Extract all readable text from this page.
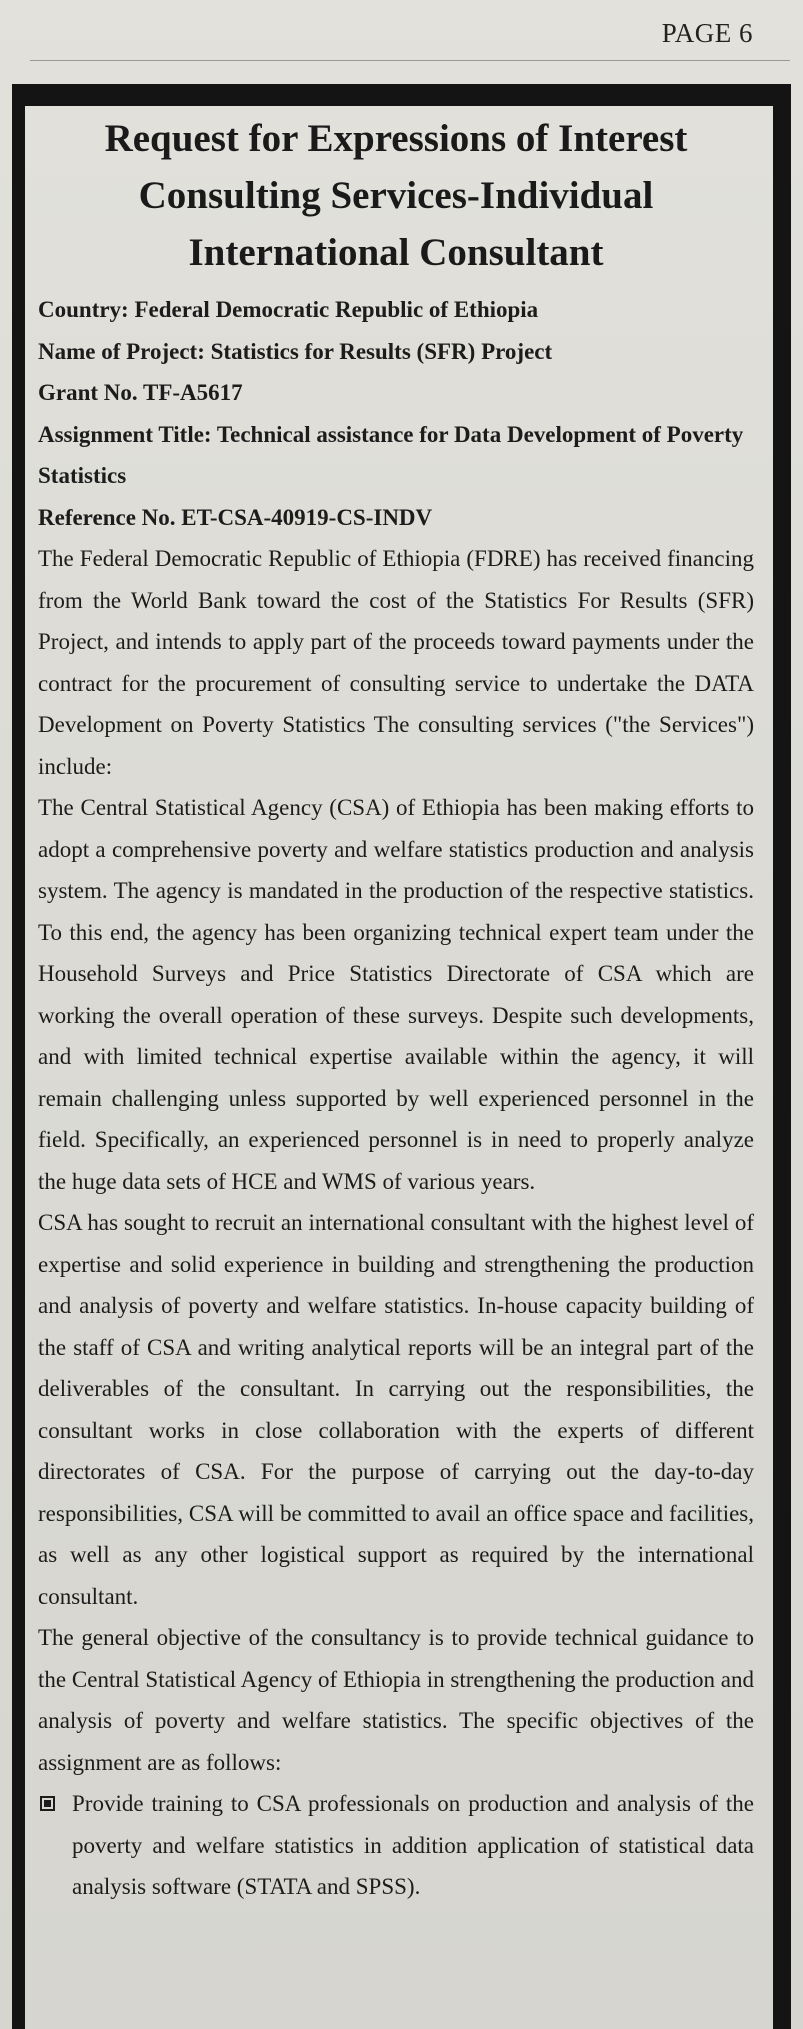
PAGE 6
Request for Expressions of Interest
Consulting Services-Individual
International Consultant

Country: Federal Democratic Republic of Ethiopia

Name of Project: Statistics for Results (SFR) Project

Grant No. TF-A5617

Assignment Title: Technical assistance for Data Development of Poverty Statistics

Reference No. ET-CSA-40919-CS-INDV

The Federal Democratic Republic of Ethiopia (FDRE) has received financing from the World Bank toward the cost of the Statistics For Results (SFR) Project, and intends to apply part of the proceeds toward payments under the contract for the procurement of consulting service to undertake the DATA Development on Poverty Statistics The consulting services ("the Services") include:

The Central Statistical Agency (CSA) of Ethiopia has been making efforts to adopt a comprehensive poverty and welfare statistics production and analysis system. The agency is mandated in the production of the respective statistics. To this end, the agency has been organizing technical expert team under the Household Surveys and Price Statistics Directorate of CSA which are working the overall operation of these surveys. Despite such developments, and with limited technical expertise available within the agency, it will remain challenging unless supported by well experienced personnel in the field. Specifically, an experienced personnel is in need to properly analyze the huge data sets of HCE and WMS of various years.

CSA has sought to recruit an international consultant with the highest level of expertise and solid experience in building and strengthening the production and analysis of poverty and welfare statistics. In-house capacity building of the staff of CSA and writing analytical reports will be an integral part of the deliverables of the consultant. In carrying out the responsibilities, the consultant works in close collaboration with the experts of different directorates of CSA. For the purpose of carrying out the day-to-day responsibilities, CSA will be committed to avail an office space and facilities, as well as any other logistical support as required by the international consultant.

The general objective of the consultancy is to provide technical guidance to the Central Statistical Agency of Ethiopia in strengthening the production and analysis of poverty and welfare statistics. The specific objectives of the assignment are as follows:

Provide training to CSA professionals on production and analysis of the poverty and welfare statistics in addition application of statistical data analysis software (STATA and SPSS).
